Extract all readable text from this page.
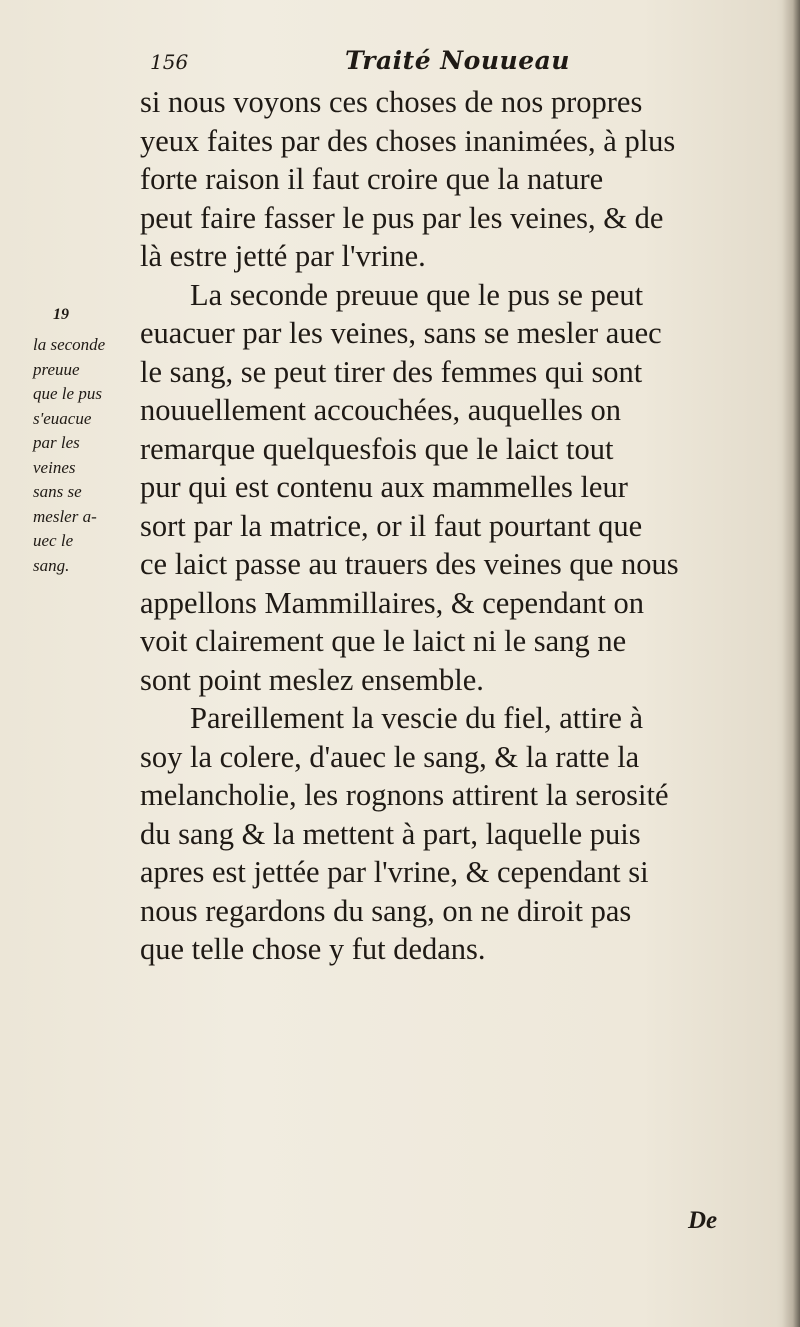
156	Traité Nouueau
19
la seconde
preuue
que le pus
s'euacue
par les
veines
sans se
mesler a-
uec le
sang.
si nous voyons ces choses de nos propres
yeux faites par des choses inanimées, à plus
forte raison il faut croire que la nature
peut faire fasser le pus par les veines, & de
là estre jetté par l'vrine.
La seconde preuue que le pus se peut
euacuer par les veines, sans se mesler auec
le sang, se peut tirer des femmes qui sont
nouuellement accouchées, auquelles on
remarque quelquesfois que le laict tout
pur qui est contenu aux mammelles leur
sort par la matrice, or il faut pourtant que
ce laict passe au trauers des veines que nous
appellons Mammillaires, & cependant on
voit clairement que le laict ni le sang ne
sont point meslez ensemble.
Pareillement la vescie du fiel, attire à
soy la colere, d'auec le sang, & la ratte la
melancholie, les rognons attirent la serosité
du sang & la mettent à part, laquelle puis
apres est jettée par l'vrine, & cependant si
nous regardons du sang, on ne diroit pas
que telle chose y fut dedans.
De
